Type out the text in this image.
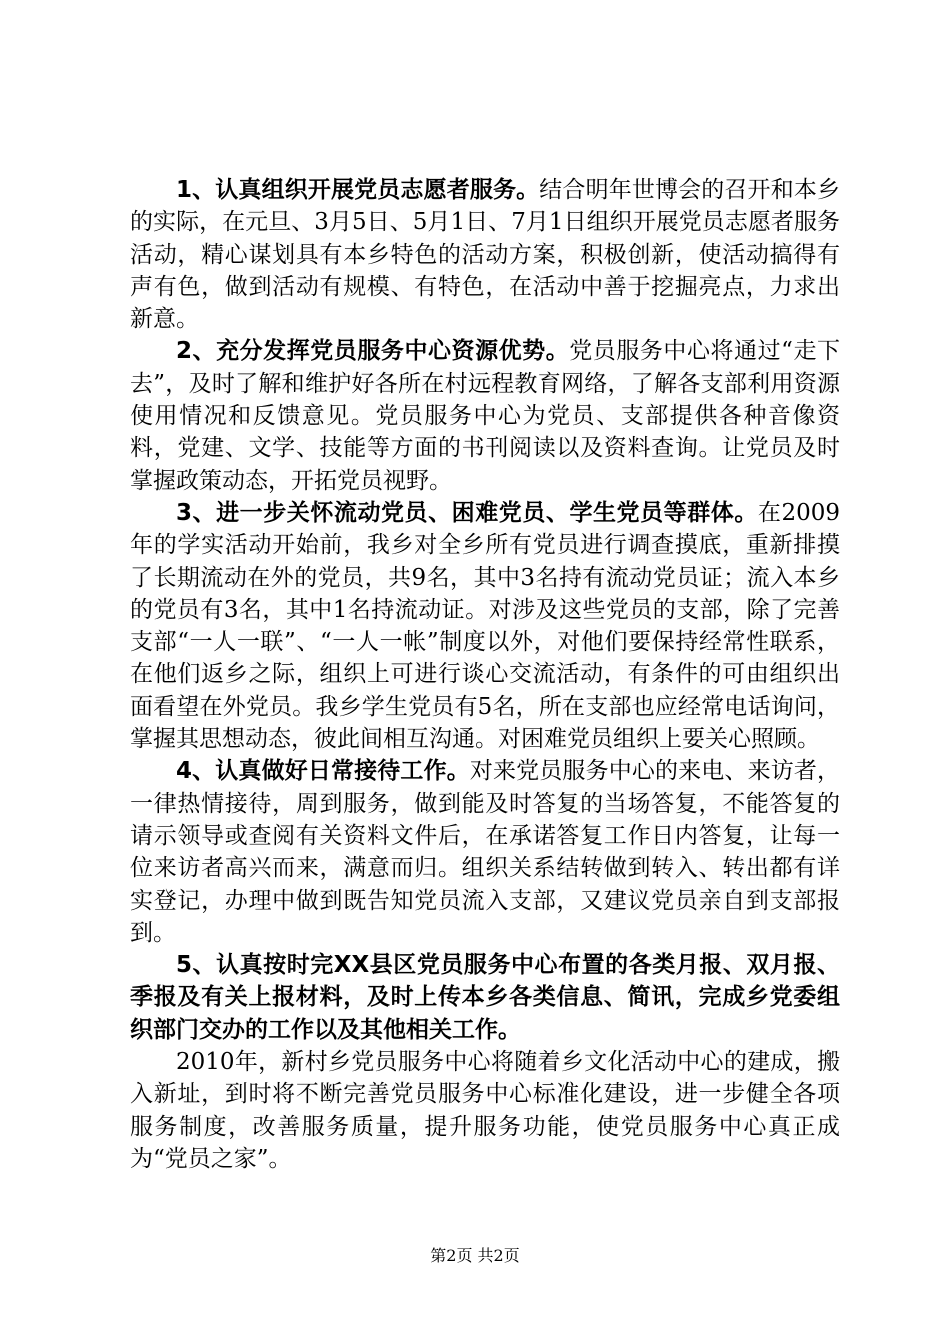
1、认真组织开展党员志愿者服务。结合明年世博会的召开和本乡的实际，在元旦、3月5日、5月1日、7月1日组织开展党员志愿者服务活动，精心谋划具有本乡特色的活动方案，积极创新，使活动搞得有声有色，做到活动有规模、有特色，在活动中善于挖掘亮点，力求出新意。

2、充分发挥党员服务中心资源优势。党员服务中心将通过“走下去”，及时了解和维护好各所在村远程教育网络，了解各支部利用资源使用情况和反馈意见。党员服务中心为党员、支部提供各种音像资料，党建、文学、技能等方面的书刊阅读以及资料查询。让党员及时掌握政策动态，开拓党员视野。

3、进一步关怀流动党员、困难党员、学生党员等群体。在2009年的学实活动开始前，我乡对全乡所有党员进行调查摸底，重新排摸了长期流动在外的党员，共9名，其中3名持有流动党员证；流入本乡的党员有3名，其中1名持流动证。对涉及这些党员的支部，除了完善支部“一人一联”、“一人一帐”制度以外，对他们要保持经常性联系，在他们返乡之际，组织上可进行谈心交流活动，有条件的可由组织出面看望在外党员。我乡学生党员有5名，所在支部也应经常电话询问，掌握其思想动态，彼此间相互沟通。对困难党员组织上要关心照顾。

4、认真做好日常接待工作。对来党员服务中心的来电、来访者，一律热情接待，周到服务，做到能及时答复的当场答复，不能答复的请示领导或查阅有关资料文件后，在承诺答复工作日内答复，让每一位来访者高兴而来，满意而归。组织关系结转做到转入、转出都有详实登记，办理中做到既告知党员流入支部，又建议党员亲自到支部报到。

5、认真按时完XX县区党员服务中心布置的各类月报、双月报、季报及有关上报材料，及时上传本乡各类信息、简讯，完成乡党委组织部门交办的工作以及其他相关工作。

2010年，新村乡党员服务中心将随着乡文化活动中心的建成，搬入新址，到时将不断完善党员服务中心标准化建设，进一步健全各项服务制度，改善服务质量，提升服务功能，使党员服务中心真正成为“党员之家”。

第2页 共2页
